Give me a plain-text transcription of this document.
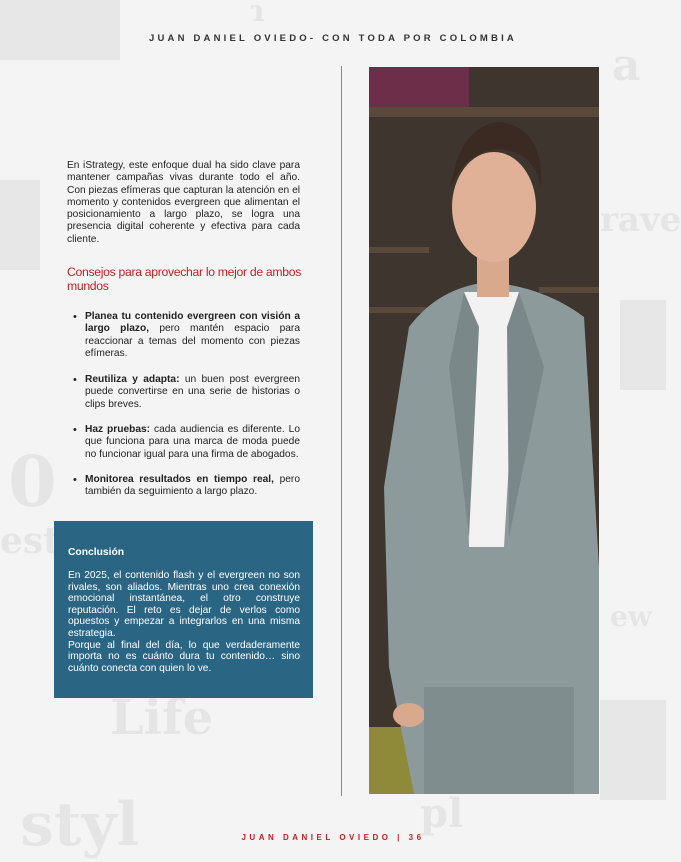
ɿ
a
rave
0
est
Life
styl	pl
ew
JUAN DANIEL OVIEDO- CON TODA POR COLOMBIA
En iStrategy, este enfoque dual ha sido clave para mantener campañas vivas durante todo el año. Con piezas efímeras que capturan la atención en el momento y contenidos evergreen que alimentan el posicionamiento a largo plazo, se logra una presencia digital coherente y efectiva para cada cliente.
Consejos para aprovechar lo mejor de ambos mundos
• Planea tu contenido evergreen con visión a largo plazo, pero mantén espacio para reaccionar a temas del momento con piezas efímeras.
• Reutiliza y adapta: un buen post evergreen puede convertirse en una serie de historias o clips breves.
• Haz pruebas: cada audiencia es diferente. Lo que funciona para una marca de moda puede no funcionar igual para una firma de abogados.
• Monitorea resultados en tiempo real, pero también da seguimiento a largo plazo.
Conclusión

En 2025, el contenido flash y el evergreen no son rivales, son aliados. Mientras uno crea conexión emocional instantánea, el otro construye reputación. El reto es dejar de verlos como opuestos y empezar a integrarlos en una misma estrategia.

Porque al final del día, lo que verdaderamente importa no es cuánto dura tu contenido… sino cuánto conecta con quien lo ve.

JUAN DANIEL OVIEDO | 36
